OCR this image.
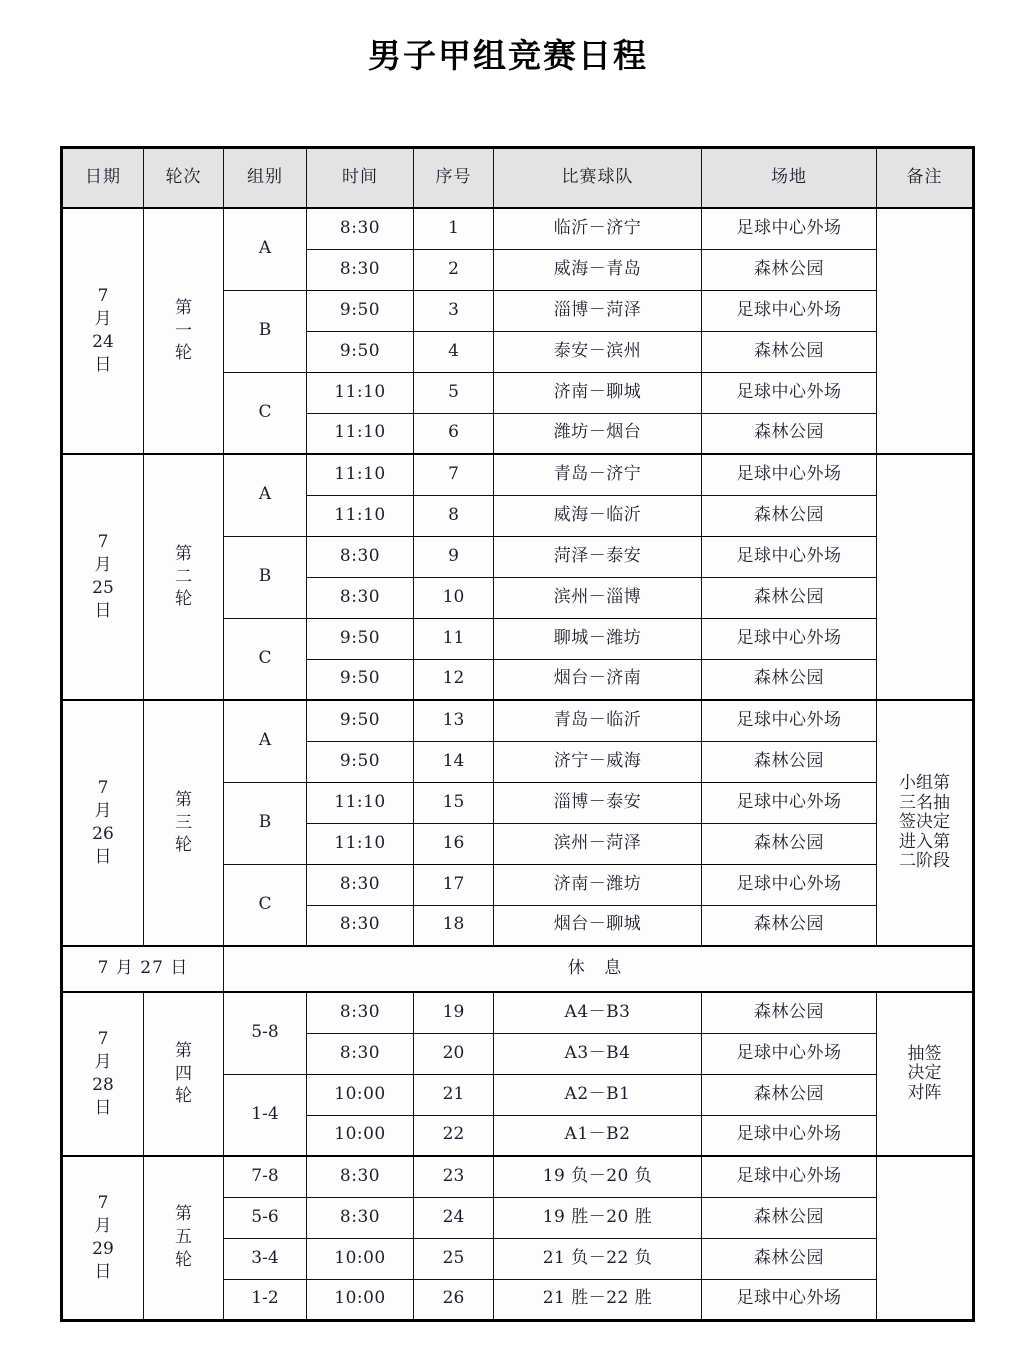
男子甲组竞赛日程
日期	轮次	组别	时间	序号	比赛球队	场地	备注

7
月
24
日	第
一
轮	A	8:30	1	临沂－济宁	足球中心外场	
			8:30	2	威海－青岛	森林公园	
		B	9:50	3	淄博－菏泽	足球中心外场	
			9:50	4	泰安－滨州	森林公园	
		C	11:10	5	济南－聊城	足球中心外场	
			11:10	6	潍坊－烟台	森林公园	

7
月
25
日	第
二
轮	A	11:10	7	青岛－济宁	足球中心外场	
			11:10	8	威海－临沂	森林公园	
		B	8:30	9	菏泽－泰安	足球中心外场	
			8:30	10	滨州－淄博	森林公园	
		C	9:50	11	聊城－潍坊	足球中心外场	
			9:50	12	烟台－济南	森林公园	

7
月
26
日	第
三
轮	A	9:50	13	青岛－临沂	足球中心外场	小组第
三名抽
签决定
进入第
二阶段

			9:50	14	济宁－威海	森林公园	
		B	11:10	15	淄博－泰安	足球中心外场	
			11:10	16	滨州－菏泽	森林公园	
		C	8:30	17	济南－潍坊	足球中心外场	
			8:30	18	烟台－聊城	森林公园	
7 月 27 日		休 息					

7
月
28
日	第
四
轮	5-8	8:30	19	A4－B3	森林公园	抽签
决定
对阵

			8:30	20	A3－B4	足球中心外场	
		1-4	10:00	21	A2－B1	森林公园	
			10:00	22	A1－B2	足球中心外场	

7
月
29
日	第
五
轮	7-8	8:30	23	19 负－20 负	足球中心外场	
		5-6	8:30	24	19 胜－20 胜	森林公园	
		3-4	10:00	25	21 负－22 负	森林公园	
		1-2	10:00	26	21 胜－22 胜	足球中心外场	
